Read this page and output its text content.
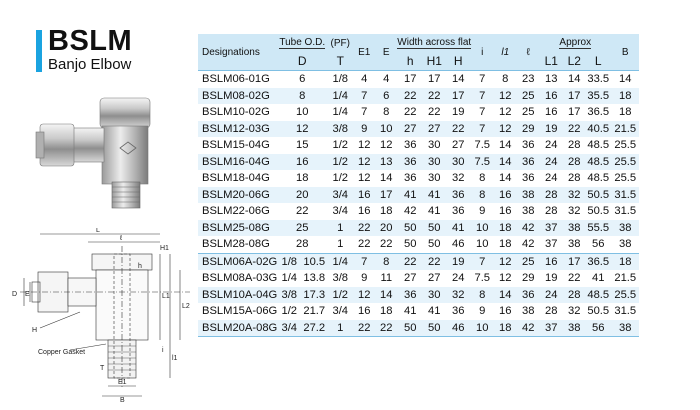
BSLM
Banjo Elbow
L
ℓ
H1
L2
L1
D E
H
l1
i
Copper Gasket
T
E1
B
h
Designations	Tube O.D.		(PF)	E1	E	Width across flat			i	l1	ℓ	Approx			B
	D		T			h	H1	H				L1	L2	L	
BSLM06-01G	6		1/8	4	4	17	17	14	7	8	23	13	14	33.5	14
BSLM08-02G	8		1/4	7	6	22	22	17	7	12	25	16	17	35.5	18
BSLM10-02G	10		1/4	7	8	22	22	19	7	12	25	16	17	36.5	18
BSLM12-03G	12		3/8	9	10	27	27	22	7	12	29	19	22	40.5	21.5
BSLM15-04G	15		1/2	12	12	36	30	27	7.5	14	36	24	28	48.5	25.5
BSLM16-04G	16		1/2	12	13	36	30	30	7.5	14	36	24	28	48.5	25.5
BSLM18-04G	18		1/2	12	14	36	30	32	8	14	36	24	28	48.5	25.5
BSLM20-06G	20		3/4	16	17	41	41	36	8	16	38	28	32	50.5	31.5
BSLM22-06G	22		3/4	16	18	42	41	36	9	16	38	28	32	50.5	31.5
BSLM25-08G	25		1	22	20	50	50	41	10	18	42	37	38	55.5	38
BSLM28-08G	28		1	22	22	50	50	46	10	18	42	37	38	56	38
BSLM06A-02G	1/8	10.5	1/4	7	8	22	22	19	7	12	25	16	17	36.5	18
BSLM08A-03G	1/4	13.8	3/8	9	11	27	27	24	7.5	12	29	19	22	41	21.5
BSLM10A-04G	3/8	17.3	1/2	12	14	36	30	32	8	14	36	24	28	48.5	25.5
BSLM15A-06G	1/2	21.7	3/4	16	18	41	41	36	9	16	38	28	32	50.5	31.5
BSLM20A-08G	3/4	27.2	1	22	22	50	50	46	10	18	42	37	38	56	38
